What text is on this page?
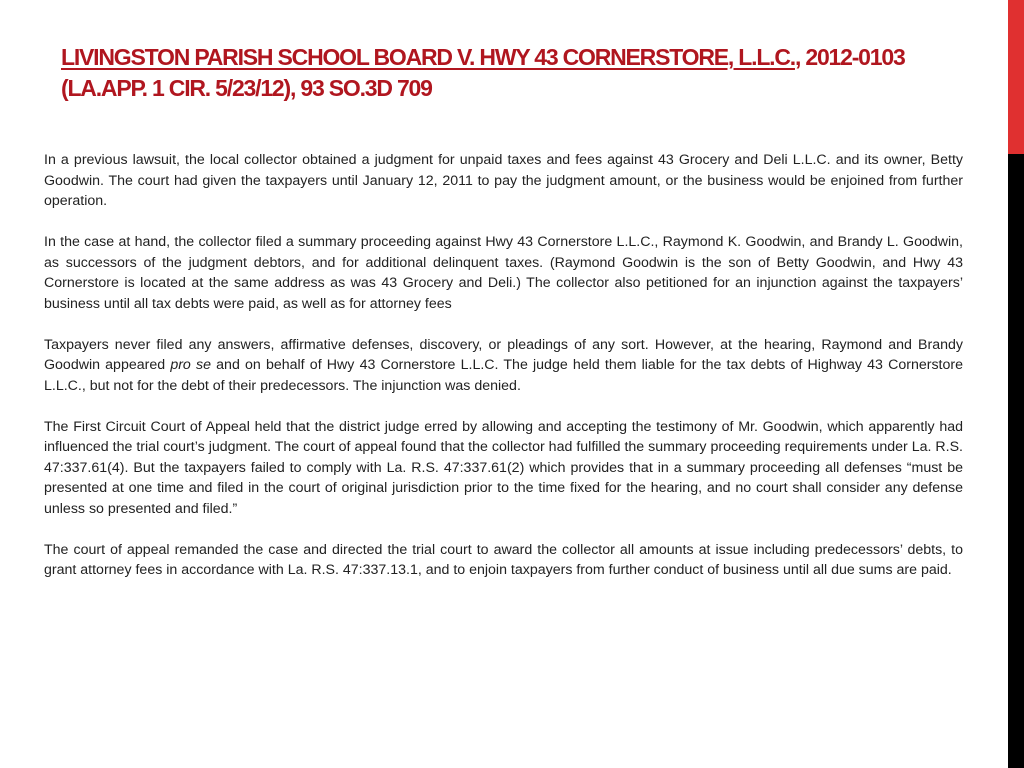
LIVINGSTON PARISH SCHOOL BOARD V. HWY 43 CORNERSTORE, L.L.C., 2012-0103 (LA.APP. 1 CIR. 5/23/12), 93 SO.3D 709

In a previous lawsuit, the local collector obtained a judgment for unpaid taxes and fees against 43 Grocery and Deli L.L.C. and its owner, Betty Goodwin. The court had given the taxpayers until January 12, 2011 to pay the judgment amount, or the business would be enjoined from further operation.

In the case at hand, the collector filed a summary proceeding against Hwy 43 Cornerstore L.L.C., Raymond K. Goodwin, and Brandy L. Goodwin, as successors of the judgment debtors, and for additional delinquent taxes. (Raymond Goodwin is the son of Betty Goodwin, and Hwy 43 Cornerstore is located at the same address as was 43 Grocery and Deli.) The collector also petitioned for an injunction against the taxpayers’ business until all tax debts were paid, as well as for attorney fees

Taxpayers never filed any answers, affirmative defenses, discovery, or pleadings of any sort. However, at the hearing, Raymond and Brandy Goodwin appeared pro se and on behalf of Hwy 43 Cornerstore L.L.C. The judge held them liable for the tax debts of Highway 43 Cornerstore L.L.C., but not for the debt of their predecessors. The injunction was denied.

The First Circuit Court of Appeal held that the district judge erred by allowing and accepting the testimony of Mr. Goodwin, which apparently had influenced the trial court’s judgment. The court of appeal found that the collector had fulfilled the summary proceeding requirements under La. R.S. 47:337.61(4). But the taxpayers failed to comply with La. R.S. 47:337.61(2) which provides that in a summary proceeding all defenses “must be presented at one time and filed in the court of original jurisdiction prior to the time fixed for the hearing, and no court shall consider any defense unless so presented and filed.”

The court of appeal remanded the case and directed the trial court to award the collector all amounts at issue including predecessors’ debts, to grant attorney fees in accordance with La. R.S. 47:337.13.1, and to enjoin taxpayers from further conduct of business until all due sums are paid.
